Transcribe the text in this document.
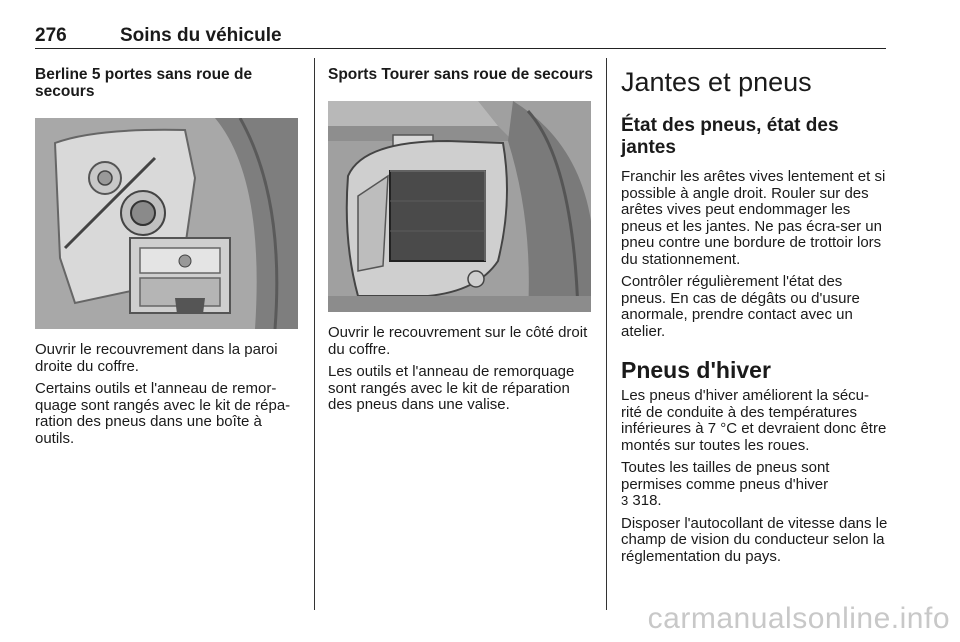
276	Soins du véhicule
Berline 5 portes sans roue de secours

Ouvrir le recouvrement dans la paroi droite du coffre.

Certains outils et l'anneau de remor-quage sont rangés avec le kit de répa-ration des pneus dans une boîte à outils.

Sports Tourer sans roue de secours

Ouvrir le recouvrement sur le côté droit du coffre.

Les outils et l'anneau de remorquage sont rangés avec le kit de réparation des pneus dans une valise.

Jantes et pneus
État des pneus, état des jantes

Franchir les arêtes vives lentement et si possible à angle droit. Rouler sur des arêtes vives peut endommager les pneus et les jantes. Ne pas écra-ser un pneu contre une bordure de trottoir lors du stationnement.

Contrôler régulièrement l'état des pneus. En cas de dégâts ou d'usure anormale, prendre contact avec un atelier.

Pneus d'hiver

Les pneus d'hiver améliorent la sécu-rité de conduite à des températures inférieures à 7 °C et devraient donc être montés sur toutes les roues.

Toutes les tailles de pneus sont permises comme pneus d'hiver
3 318.

Disposer l'autocollant de vitesse dans le champ de vision du conducteur selon la réglementation du pays.

carmanualsonline.info
